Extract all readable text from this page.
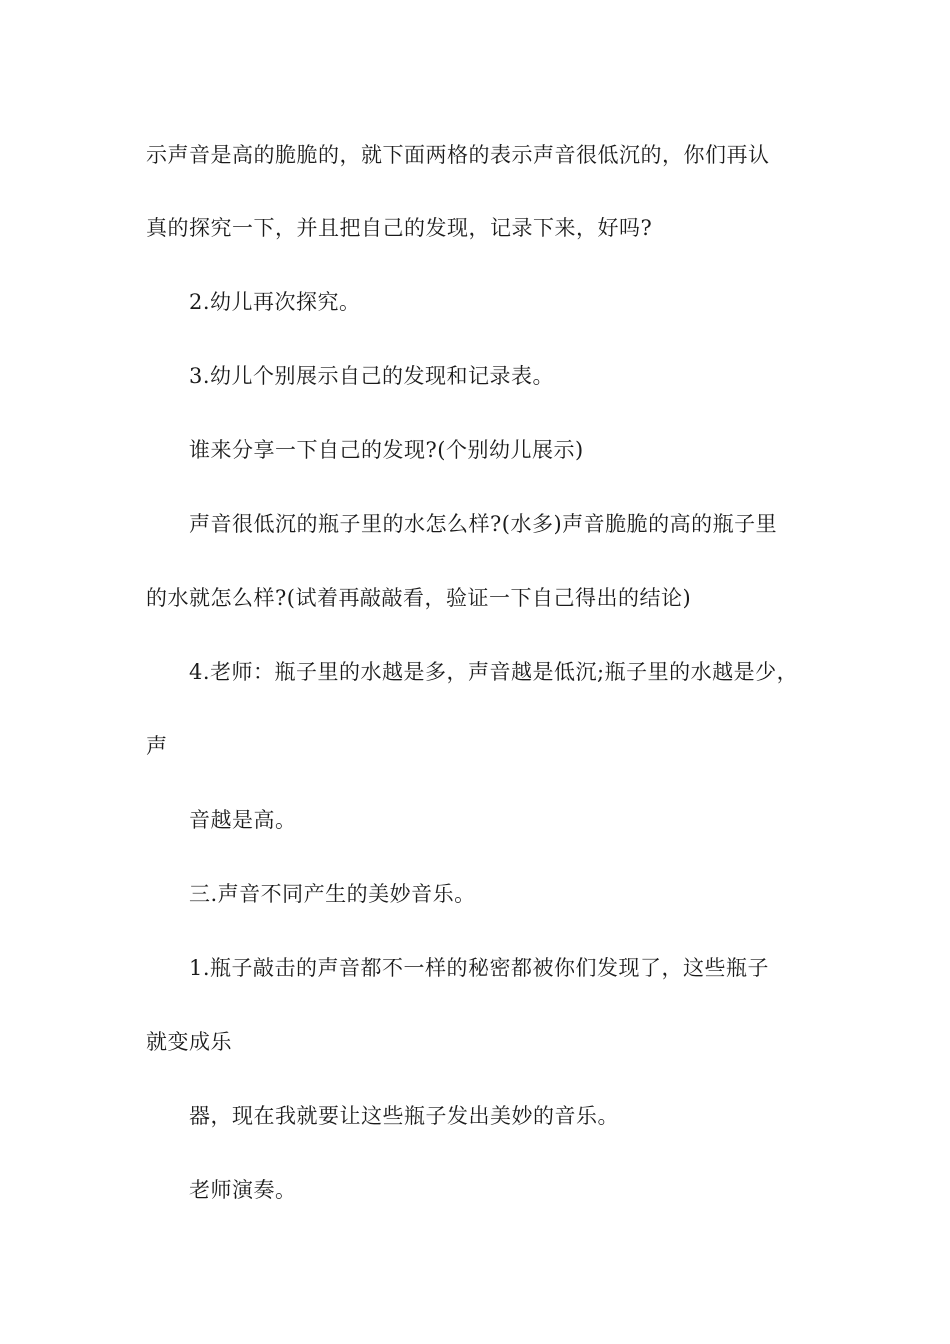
示声音是高的脆脆的，就下面两格的表示声音很低沉的，你们再认
真的探究一下，并且把自己的发现，记录下来，好吗?
2.幼儿再次探究。
3.幼儿个别展示自己的发现和记录表。
谁来分享一下自己的发现?(个别幼儿展示)
声音很低沉的瓶子里的水怎么样?(水多)声音脆脆的高的瓶子里
的水就怎么样?(试着再敲敲看，验证一下自己得出的结论)
4.老师：瓶子里的水越是多，声音越是低沉;瓶子里的水越是少，
声
音越是高。
三.声音不同产生的美妙音乐。
1.瓶子敲击的声音都不一样的秘密都被你们发现了，这些瓶子
就变成乐
器，现在我就要让这些瓶子发出美妙的音乐。
老师演奏。
